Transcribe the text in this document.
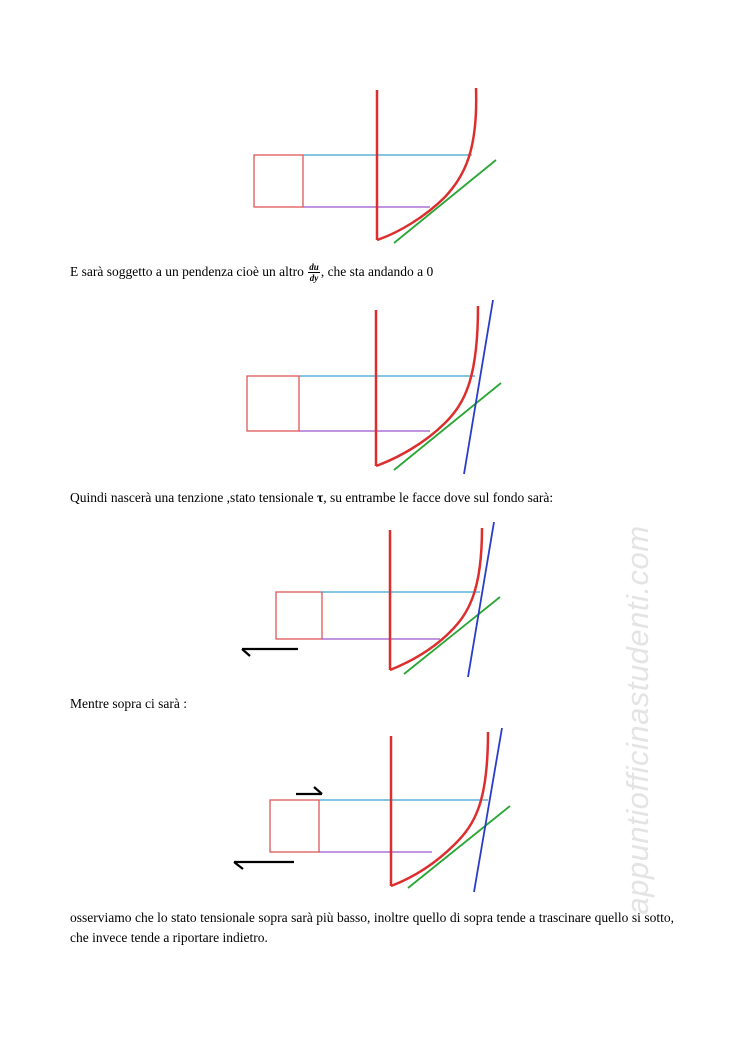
E sarà soggetto a un pendenza cioè un altro $\frac{du}{dy}$ , che sta andando a 0
Quindi nascerà una tenzione ,stato tensionale τ, su entrambe le facce dove sul fondo sarà:
Mentre sopra ci sarà :
osserviamo che lo stato tensionale sopra sarà più basso, inoltre quello di sopra tende a trascinare quello si sotto, che invece tende a riportare indietro.
appuntiofficinastudenti.com
